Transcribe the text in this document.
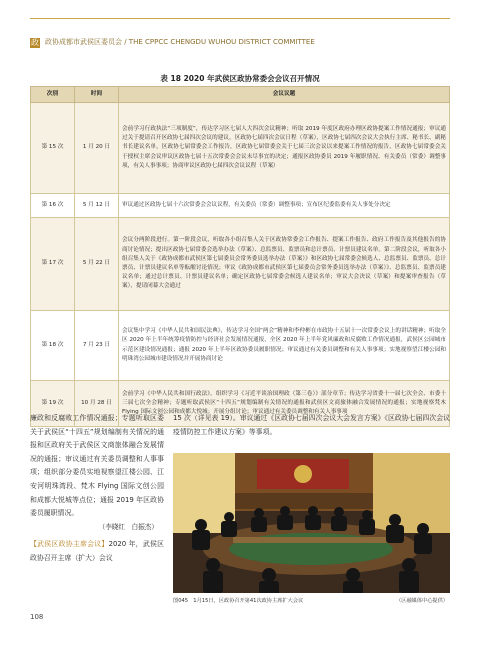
政 政协成都市武侯区委员会 / THE CPPCC CHENGDU WUHOU DISTRICT COMMITTEE
表 18 2020 年武侯区政协常委会会议召开情况
次别	时间	会议议题
第 15 次	1 月 20 日	会前学习行政执法“三项制度”，传达学习区七届人大四次会议精神；听取 2019 年度区政府办理区政协提案工作情况通报；审议通过关于提请召开区政协七届四次会议的建议，区政协七届四次会议日程（草案），区政协七届四次会议大会执行主席、秘书长、副秘书长建议名单，区政协七届常委会工作报告，区政协七届常委会关于七届三次会议以来提案工作情况的报告，区政协七届常委会关于授权主席会议审议区政协七届十五次常委会会议未尽事宜的决定；通报区政协委员 2019 年履职情况、有关委员（常委）调整事项，有关人事事项；协商审议区政协七届四次会议议程（草案）
第 16 次	5 月 12 日	审议通过区政协七届十六次常委会会议议程，有关委员（常委）调整事项；宣布区纪委监委有关人事处分决定
第 17 次	5 月 22 日	会议分两阶段进行。第一阶段会议，听取各小组召集人关于区政协常委会工作报告、提案工作报告、政府工作报告及其他报告的协商讨论情况；提出区政协七届常委会选举办法（草案）、总监票员、监票员和总计票员、计票员建议名单。第二阶段会议，听取各小组召集人关于《政协成都市武侯区第七届委员会常务委员选举办法（草案）》和区政协七届常委会候选人、总监票员、监票员、总计票员、计票员建议名单等酝酿讨论情况；审议《政协成都市武侯区第七届委员会常务委员选举办法（草案）》、总监票员、监票员建议名单；通过总计票员、计票员建议名单；确定区政协七届常委会候选人建议名单；审议大会决议（草案）和提案审查报告（草案），提请闭幕大会通过
第 18 次	7 月 23 日	会议集中学习《中华人民共和国民法典》，传达学习全国“两会”精神和李仲彬在市政协十五届十一次常委会议上的讲话精神；听取全区 2020 年上半年统筹疫情防控与经济社会发展情况通报，全区 2020 年上半年党风廉政和反腐败工作情况通报，武侯区公园城市示范区建设情况通报；通报 2020 年上半年区政协委员履职情况；审议通过有关委员调整和有关人事事项；实地视察望江楼公园和明珠湾公园城市建设情况并开展协商讨论
第 19 次	10 月 28 日	会前学习《中华人民共和国行政法》，组织学习《习近平谈治国理政（第三卷）》部分章节；传达学习省委十一届七次全会、市委十三届七次全会精神；专题听取武侯区“十四五”规划编制有关情况的通报和武侯区文商旅体融合发展情况的通报；实地视察梵木 Flying 国际文创公园和成都大悦城；开展分组讨论；审议通过有关委员调整和有关人事事项
廉政和反腐败工作情况通报；专题听取区委关于武侯区“十四五”规划编制有关情况的通报和区政府关于武侯区文商旅体融合发展情况的通报；审议通过有关委员调整和人事事项；组织部分委员实地视察望江楼公园、江安河明珠湾段、梵木 Flying 国际文创公园和成都大悦城等点位；通报 2019 年区政协委员履职情况。
（李晓红　白振杰）
【武侯区政协主席会议】2020 年，武侯区政协召开主席（扩大）会议
15 次（详见表 19）。审议通过《区政协七届四次会议大会发言方案》《区政协七届四次会议疫情防控工作建议方案》等事项。
图045　1月15日，区政协召开第41次政协主席扩大会议	（区融媒体中心提供）
108
